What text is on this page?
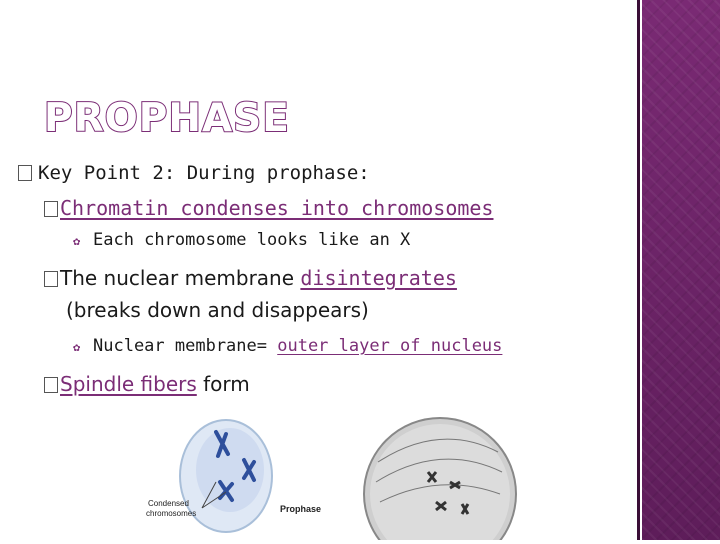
PROPHASE
Key Point 2: During prophase:
Chromatin condenses into chromosomes
✿ Each chromosome looks like an X
The nuclear membrane disintegrates
(breaks down and disappears)
✿ Nuclear membrane= outer layer of nucleus
Spindle fibers form
Condensed
chromosomes	Prophase
